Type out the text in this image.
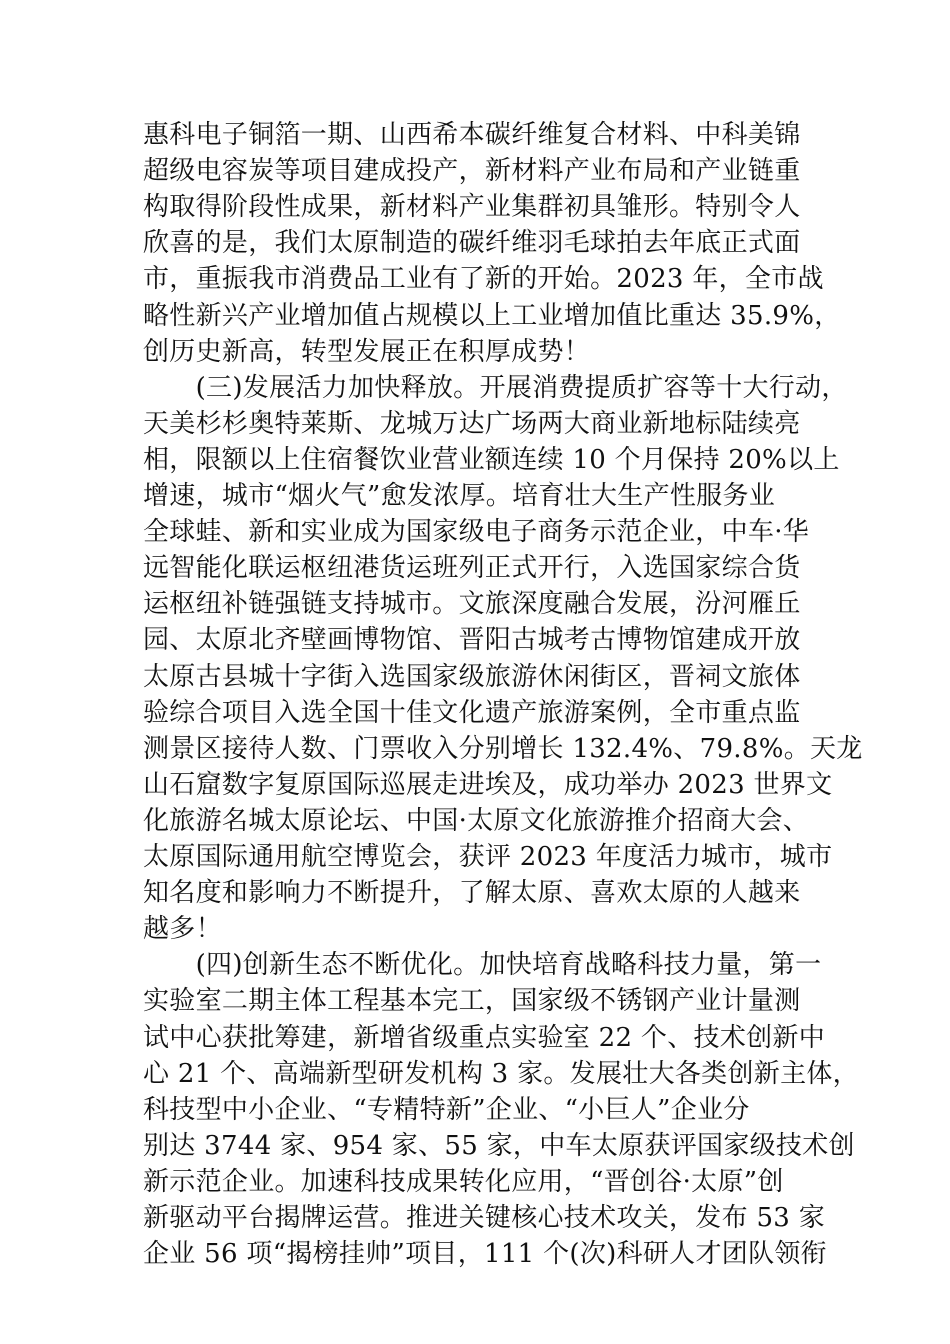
惠科电子铜箔一期、山西希本碳纤维复合材料、中科美锦
超级电容炭等项目建成投产，新材料产业布局和产业链重
构取得阶段性成果，新材料产业集群初具雏形。特别令人
欣喜的是，我们太原制造的碳纤维羽毛球拍去年底正式面
市，重振我市消费品工业有了新的开始。2023 年，全市战
略性新兴产业增加值占规模以上工业增加值比重达 35.9%，
创历史新高，转型发展正在积厚成势！
　　(三)发展活力加快释放。开展消费提质扩容等十大行动，
天美杉杉奥特莱斯、龙城万达广场两大商业新地标陆续亮
相，限额以上住宿餐饮业营业额连续 10 个月保持 20%以上
增速，城市“烟火气”愈发浓厚。培育壮大生产性服务业
全球蛙、新和实业成为国家级电子商务示范企业，中车·华
远智能化联运枢纽港货运班列正式开行，入选国家综合货
运枢纽补链强链支持城市。文旅深度融合发展，汾河雁丘
园、太原北齐壁画博物馆、晋阳古城考古博物馆建成开放
太原古县城十字街入选国家级旅游休闲街区，晋祠文旅体
验综合项目入选全国十佳文化遗产旅游案例，全市重点监
测景区接待人数、门票收入分别增长 132.4%、79.8%。天龙
山石窟数字复原国际巡展走进埃及，成功举办 2023 世界文
化旅游名城太原论坛、中国·太原文化旅游推介招商大会、
太原国际通用航空博览会，获评 2023 年度活力城市，城市
知名度和影响力不断提升，了解太原、喜欢太原的人越来
越多！
　　(四)创新生态不断优化。加快培育战略科技力量，第一
实验室二期主体工程基本完工，国家级不锈钢产业计量测
试中心获批筹建，新增省级重点实验室 22 个、技术创新中
心 21 个、高端新型研发机构 3 家。发展壮大各类创新主体，
科技型中小企业、“专精特新”企业、“小巨人”企业分
别达 3744 家、954 家、55 家，中车太原获评国家级技术创
新示范企业。加速科技成果转化应用，“晋创谷·太原”创
新驱动平台揭牌运营。推进关键核心技术攻关，发布 53 家
企业 56 项“揭榜挂帅”项目，111 个(次)科研人才团队领衔
